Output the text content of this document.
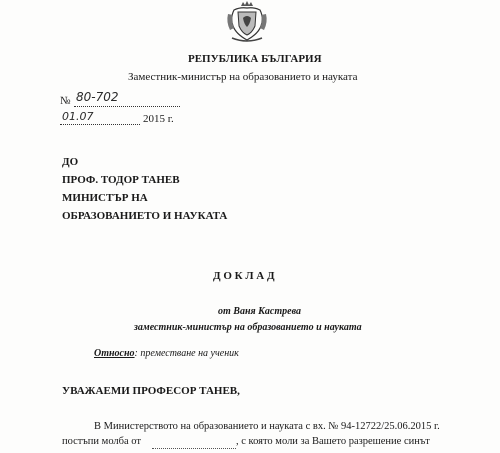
РЕПУБЛИКА БЪЛГАРИЯ
Заместник-министър на образованието и науката
№ 80-702
01.07	2015 г.
ДО
ПРОФ. ТОДОР ТАНЕВ
МИНИСТЪР НА
ОБРАЗОВАНИЕТО И НАУКАТА
Д О К Л А Д
от Ваня Кастрева
заместник-министър на образованието и науката
Относно: преместване на ученик
УВАЖАЕМИ ПРОФЕСОР ТАНЕВ,
В Министерството на образованието и науката с вх. № 94-12722/25.06.2015 г.
постъпи молба от	, с която моли за Вашето разрешение синът
